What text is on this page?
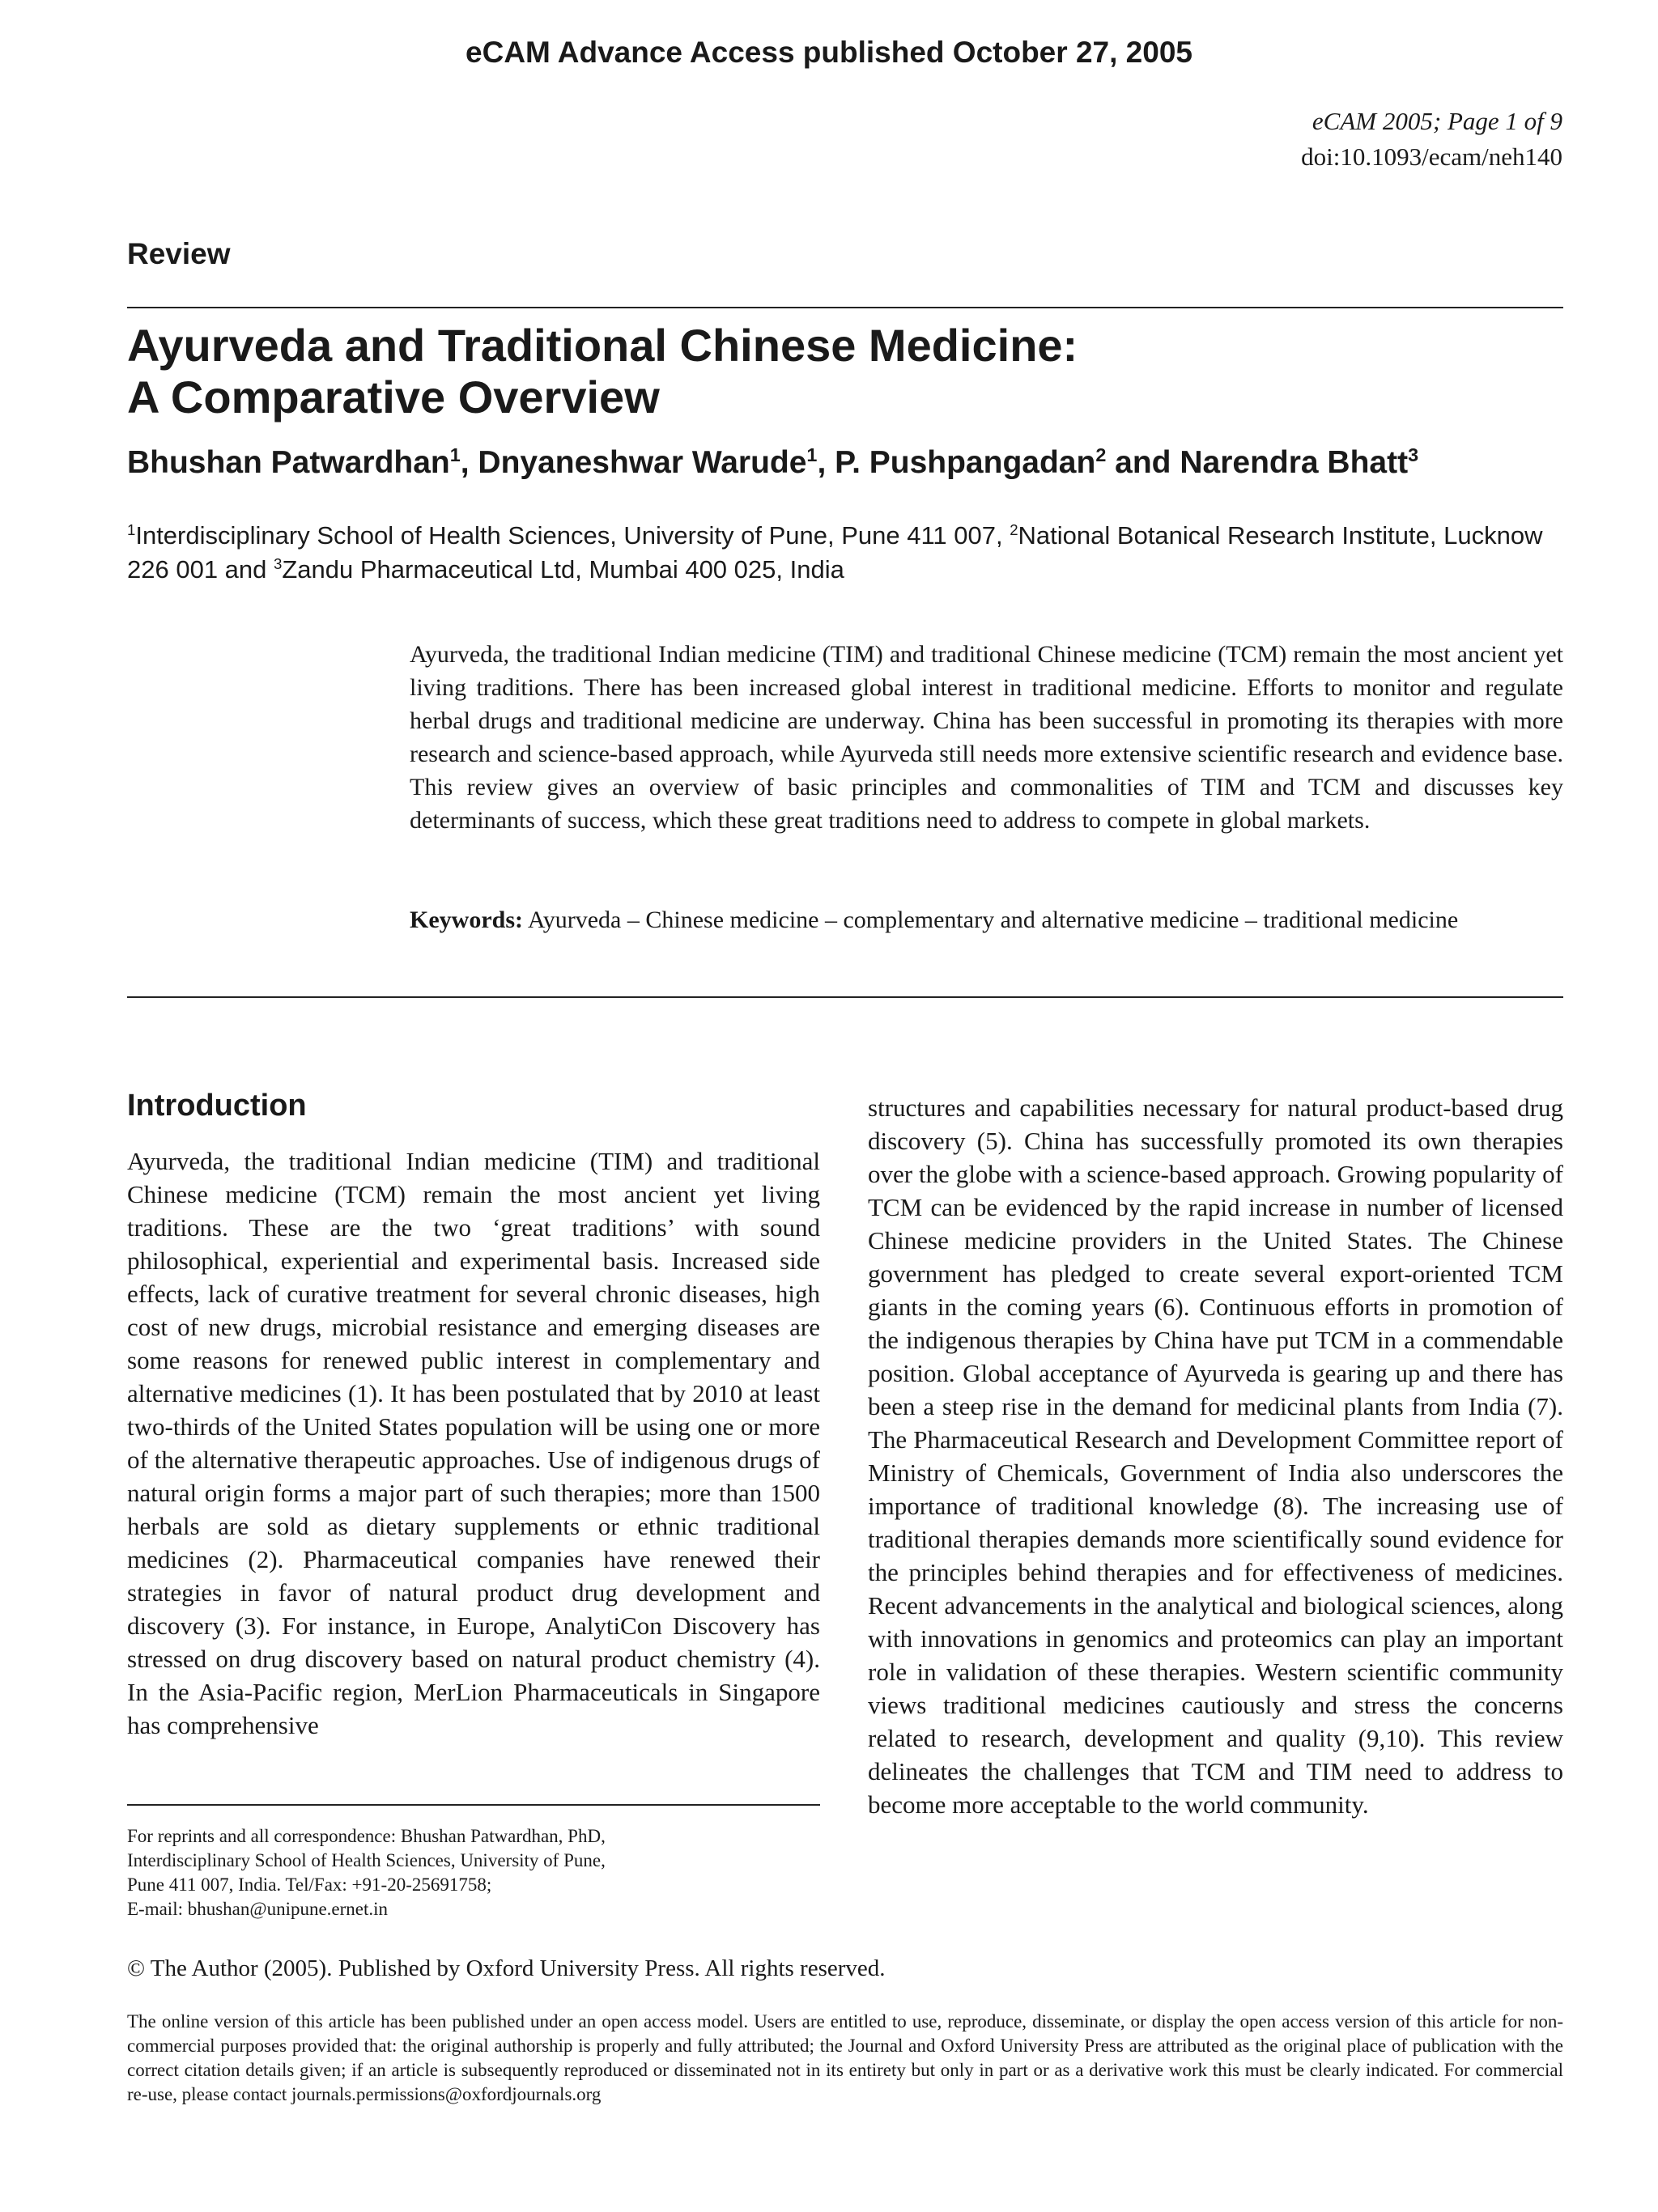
eCAM Advance Access published October 27, 2005
eCAM 2005; Page 1 of 9
doi:10.1093/ecam/neh140
Review
Ayurveda and Traditional Chinese Medicine:
A Comparative Overview
Bhushan Patwardhan$^1$, Dnyaneshwar Warude$^1$, P. Pushpangadan$^2$ and Narendra Bhatt$^3$
$^1$Interdisciplinary School of Health Sciences, University of Pune, Pune 411 007, $^2$National Botanical Research Institute, Lucknow 226 001 and $^3$Zandu Pharmaceutical Ltd, Mumbai 400 025, India
Ayurveda, the traditional Indian medicine (TIM) and traditional Chinese medicine (TCM) remain the most ancient yet living traditions. There has been increased global interest in traditional medicine. Efforts to monitor and regulate herbal drugs and traditional medicine are underway. China has been successful in promoting its therapies with more research and science-based approach, while Ayurveda still needs more extensive scientific research and evidence base. This review gives an overview of basic principles and commonalities of TIM and TCM and discusses key determinants of success, which these great traditions need to address to compete in global markets.
Keywords: Ayurveda – Chinese medicine – complementary and alternative medicine – traditional medicine
Introduction
Ayurveda, the traditional Indian medicine (TIM) and traditional Chinese medicine (TCM) remain the most ancient yet living traditions. These are the two ‘great traditions’ with sound philosophical, experiential and experimental basis. Increased side effects, lack of curative treatment for several chronic diseases, high cost of new drugs, microbial resistance and emerging diseases are some reasons for renewed public interest in complementary and alternative medicines (1). It has been postulated that by 2010 at least two-thirds of the United States population will be using one or more of the alternative therapeutic approaches. Use of indigenous drugs of natural origin forms a major part of such therapies; more than 1500 herbals are sold as dietary supplements or ethnic traditional medicines (2). Pharmaceutical companies have renewed their strategies in favor of natural product drug development and discovery (3). For instance, in Europe, AnalytiCon Discovery has stressed on drug discovery based on natural product chemistry (4). In the Asia-Pacific region, MerLion Pharmaceuticals in Singapore has comprehensive
structures and capabilities necessary for natural product-based drug discovery (5). China has successfully promoted its own therapies over the globe with a science-based approach. Growing popularity of TCM can be evidenced by the rapid increase in number of licensed Chinese medicine providers in the United States. The Chinese government has pledged to create several export-oriented TCM giants in the coming years (6). Continuous efforts in promotion of the indigenous therapies by China have put TCM in a commendable position. Global acceptance of Ayurveda is gearing up and there has been a steep rise in the demand for medicinal plants from India (7). The Pharmaceutical Research and Development Committee report of Ministry of Chemicals, Government of India also underscores the importance of traditional knowledge (8). The increasing use of traditional therapies demands more scientifically sound evidence for the principles behind therapies and for effectiveness of medicines. Recent advancements in the analytical and biological sciences, along with innovations in genomics and proteomics can play an important role in validation of these therapies. Western scientific community views traditional medicines cautiously and stress the concerns related to research, development and quality (9,10). This review delineates the challenges that TCM and TIM need to address to become more acceptable to the world community.
For reprints and all correspondence: Bhushan Patwardhan, PhD,
Interdisciplinary School of Health Sciences, University of Pune,
Pune 411 007, India. Tel/Fax: +91-20-25691758;
E-mail: bhushan@unipune.ernet.in
© The Author (2005). Published by Oxford University Press. All rights reserved.
The online version of this article has been published under an open access model. Users are entitled to use, reproduce, disseminate, or display the open access version of this article for non-commercial purposes provided that: the original authorship is properly and fully attributed; the Journal and Oxford University Press are attributed as the original place of publication with the correct citation details given; if an article is subsequently reproduced or disseminated not in its entirety but only in part or as a derivative work this must be clearly indicated. For commercial re-use, please contact journals.permissions@oxfordjournals.org
